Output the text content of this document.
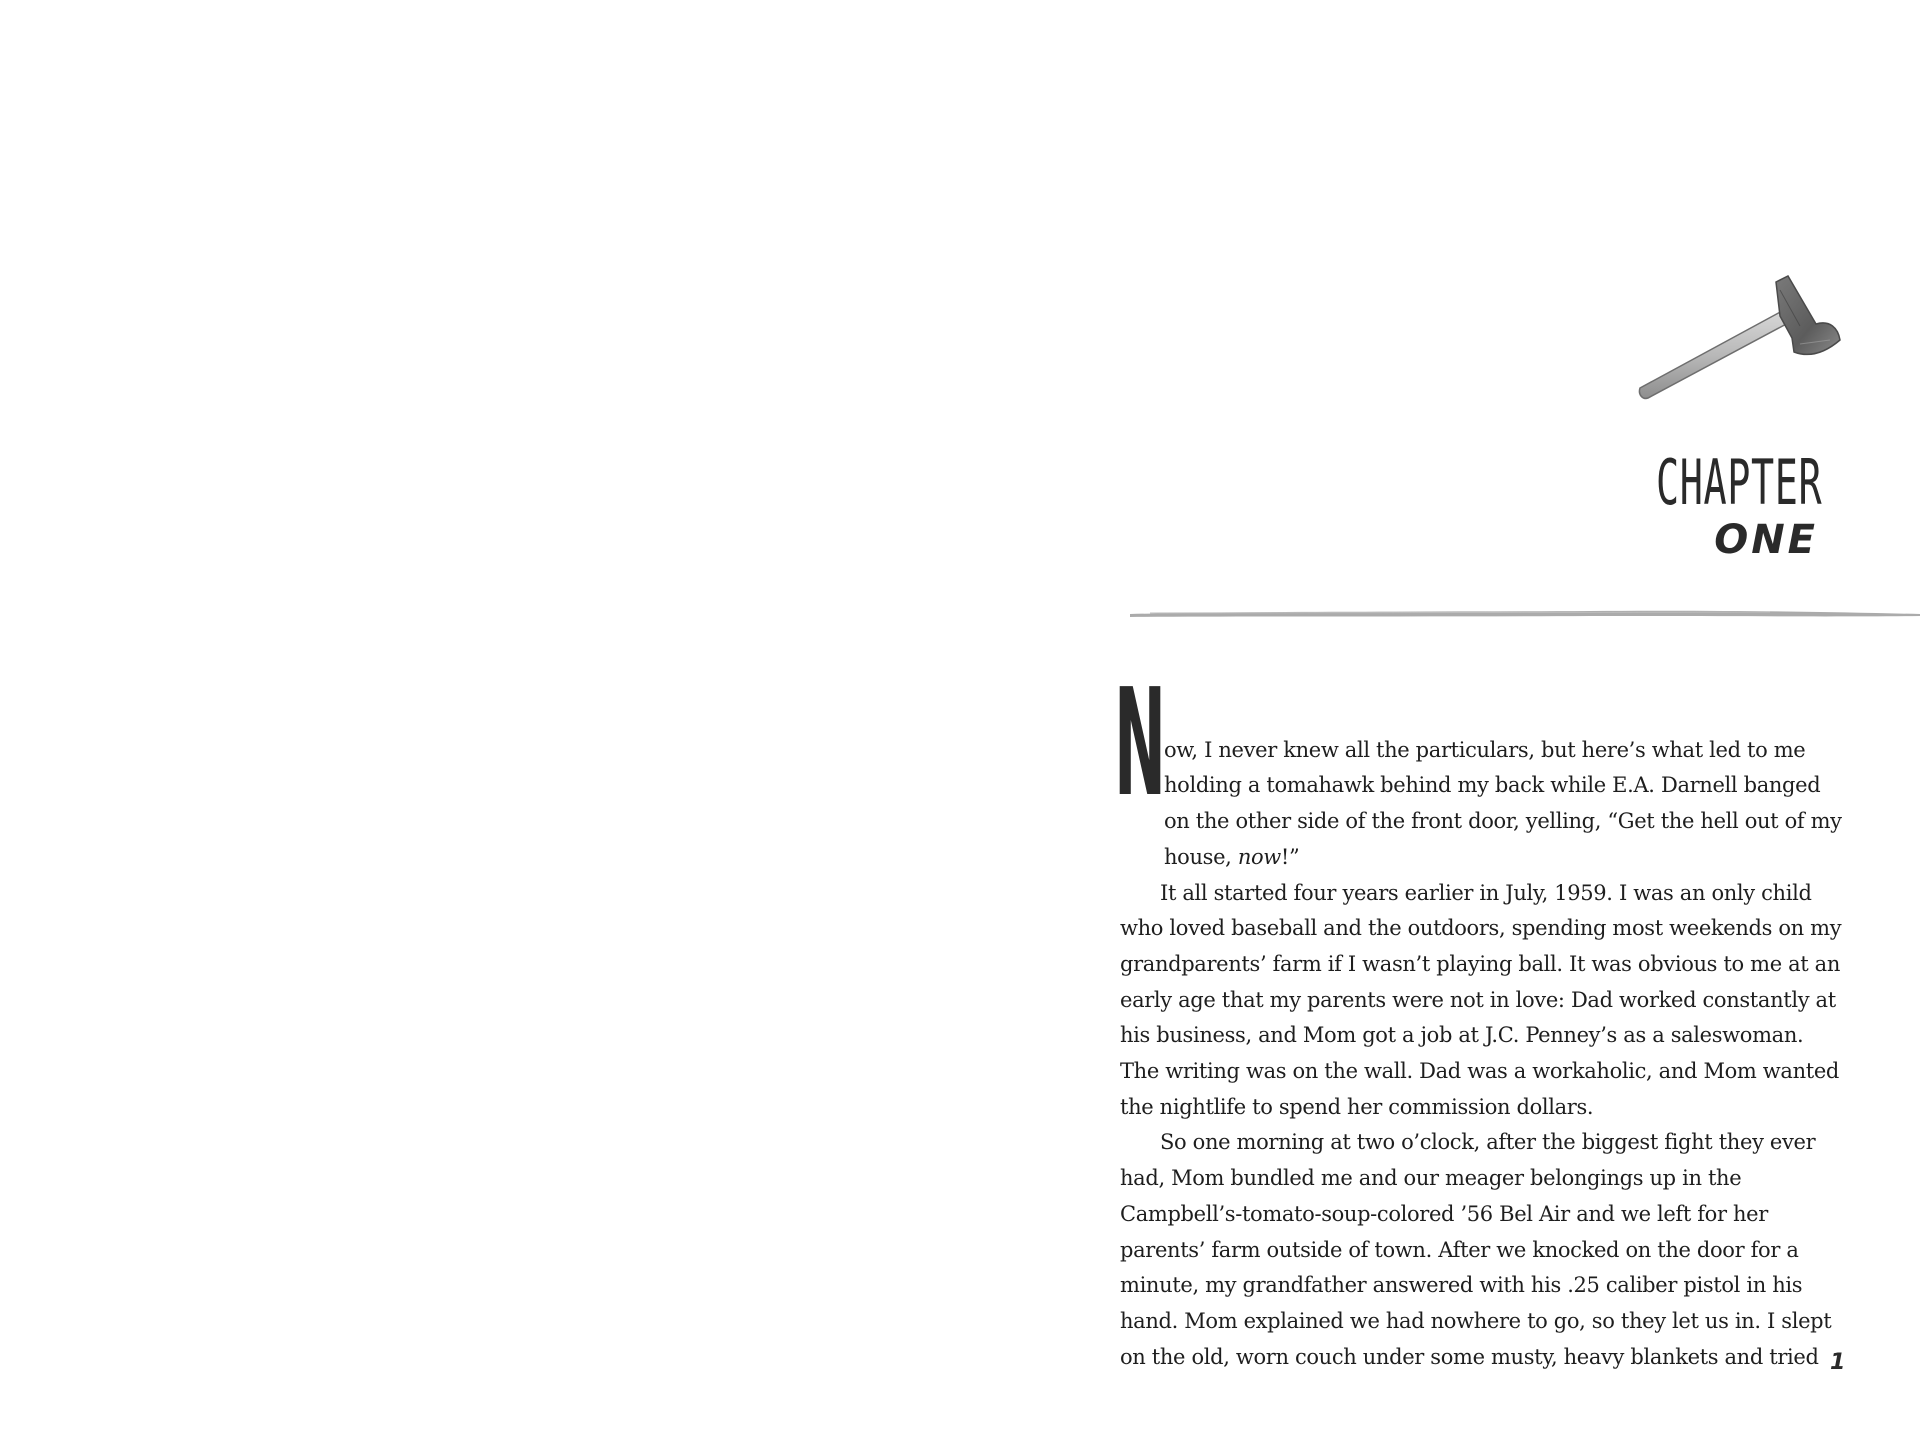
CHAPTER
ONE

N
ow, I never knew all the particulars, but here’s what led to me
holding a tomahawk behind my back while E.A. Darnell banged
on the other side of the front door, yelling, “Get the hell out of my
house, now!”

It all started four years earlier in July, 1959. I was an only child who loved baseball and the outdoors, spending most weekends on my grandparents’ farm if I wasn’t playing ball. It was obvious to me at an early age that my parents were not in love: Dad worked constantly at his business, and Mom got a job at J.C. Penney’s as a saleswoman. The writing was on the wall. Dad was a workaholic, and Mom wanted the nightlife to spend her commission dollars.

So one morning at two o’clock, after the biggest fight they ever had, Mom bundled me and our meager belongings up in the Campbell’s-tomato-soup-colored ’56 Bel Air and we left for her parents’ farm outside of town. After we knocked on the door for a minute, my grandfather answered with his .25 caliber pistol in his hand. Mom explained we had nowhere to go, so they let us in. I slept on the old, worn couch under some musty, heavy blankets and tried 1
